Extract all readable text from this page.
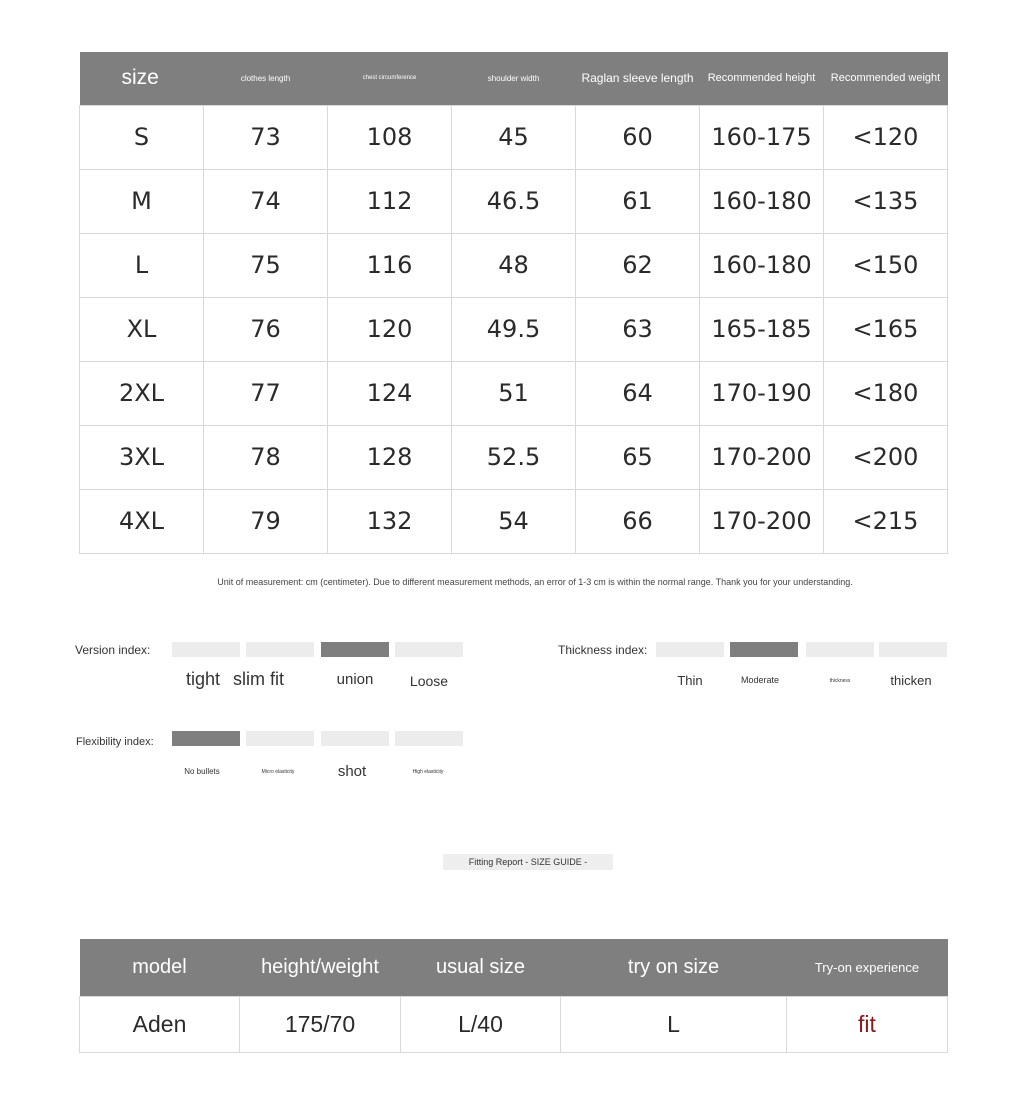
size	clothes length	chest circumference	shoulder width	Raglan sleeve length	Recommended height	Recommended weight
S	73	108	45	60	160-175	<120
M	74	112	46.5	61	160-180	<135
L	75	116	48	62	160-180	<150
XL	76	120	49.5	63	165-185	<165
2XL	77	124	51	64	170-190	<180
3XL	78	128	52.5	65	170-200	<200
4XL	79	132	54	66	170-200	<215
Unit of measurement: cm (centimeter). Due to different measurement methods, an error of 1-3 cm is within the normal range. Thank you for your understanding.
Version index:
tight slim fit	union	Loose
Thickness index:
Thin	Moderate	thickness	thicken
Flexibility index:
No bullets	Micro elasticity	shot	High elasticity
Fitting Report - SIZE GUIDE -
model	height/weight	usual size	try on size	Try-on experience
Aden	175/70	L/40	L	fit
